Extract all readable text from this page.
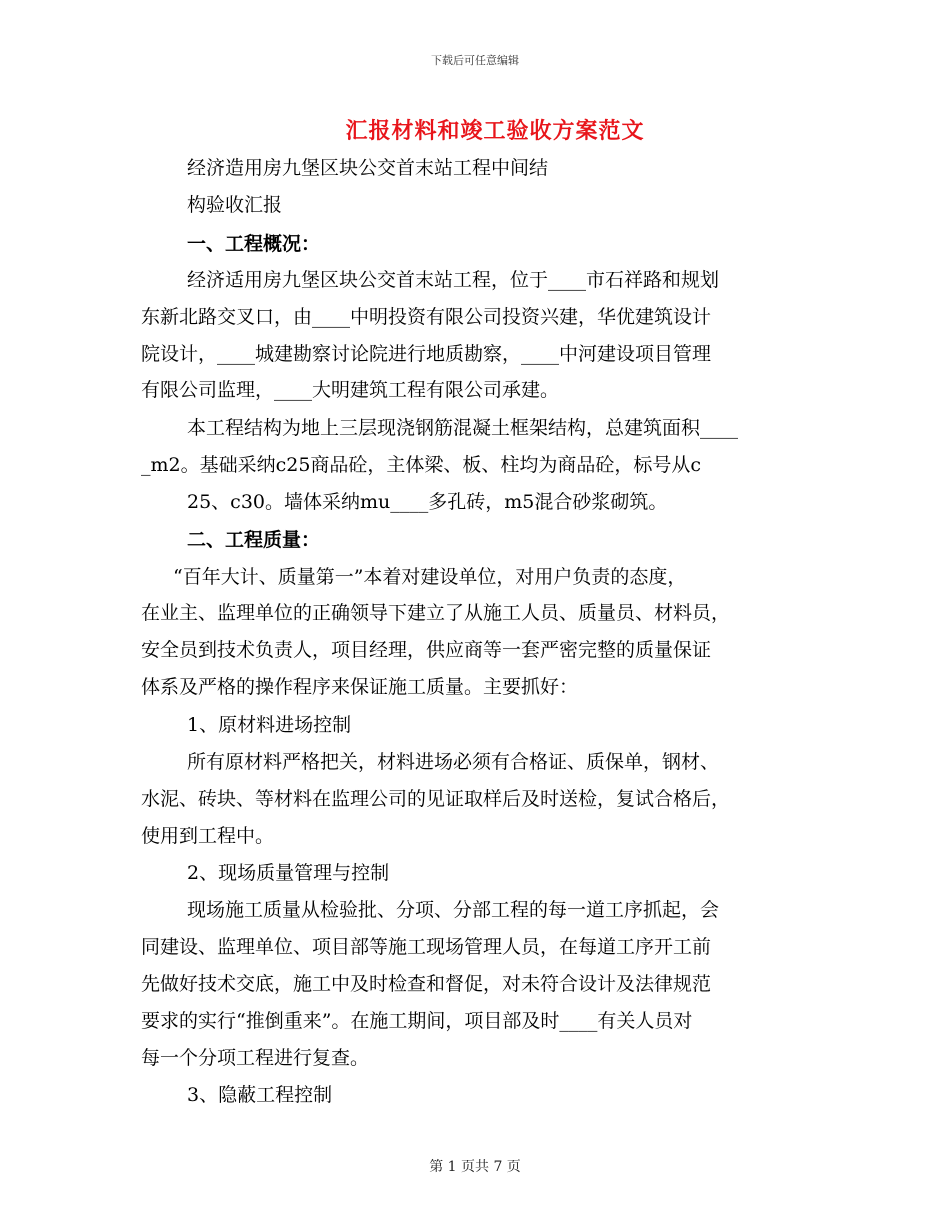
下载后可任意编辑
汇报材料和竣工验收方案范文
经济造用房九堡区块公交首末站工程中间结
构验收汇报
一、工程概况：
经济适用房九堡区块公交首末站工程，位于____市石祥路和规划
东新北路交叉口，由____中明投资有限公司投资兴建，华优建筑设计
院设计，____城建勘察讨论院进行地质勘察，____中河建设项目管理
有限公司监理，____大明建筑工程有限公司承建。
本工程结构为地上三层现浇钢筋混凝土框架结构，总建筑面积____
_m2。基础采纳c25商品砼，主体梁、板、柱均为商品砼，标号从c
25、c30。墙体采纳mu____多孔砖，m5混合砂浆砌筑。
二、工程质量：
“百年大计、质量第一”本着对建设单位，对用户负责的态度，
在业主、监理单位的正确领导下建立了从施工人员、质量员、材料员，
安全员到技术负责人，项目经理，供应商等一套严密完整的质量保证
体系及严格的操作程序来保证施工质量。主要抓好：
1、原材料进场控制
所有原材料严格把关，材料进场必须有合格证、质保单，钢材、
水泥、砖块、等材料在监理公司的见证取样后及时送检，复试合格后，
使用到工程中。
2、现场质量管理与控制
现场施工质量从检验批、分项、分部工程的每一道工序抓起，会
同建设、监理单位、项目部等施工现场管理人员，在每道工序开工前
先做好技术交底，施工中及时检查和督促，对未符合设计及法律规范
要求的实行“推倒重来”。在施工期间，项目部及时____有关人员对
每一个分项工程进行复查。
3、隐蔽工程控制
第 1 页共 7 页
